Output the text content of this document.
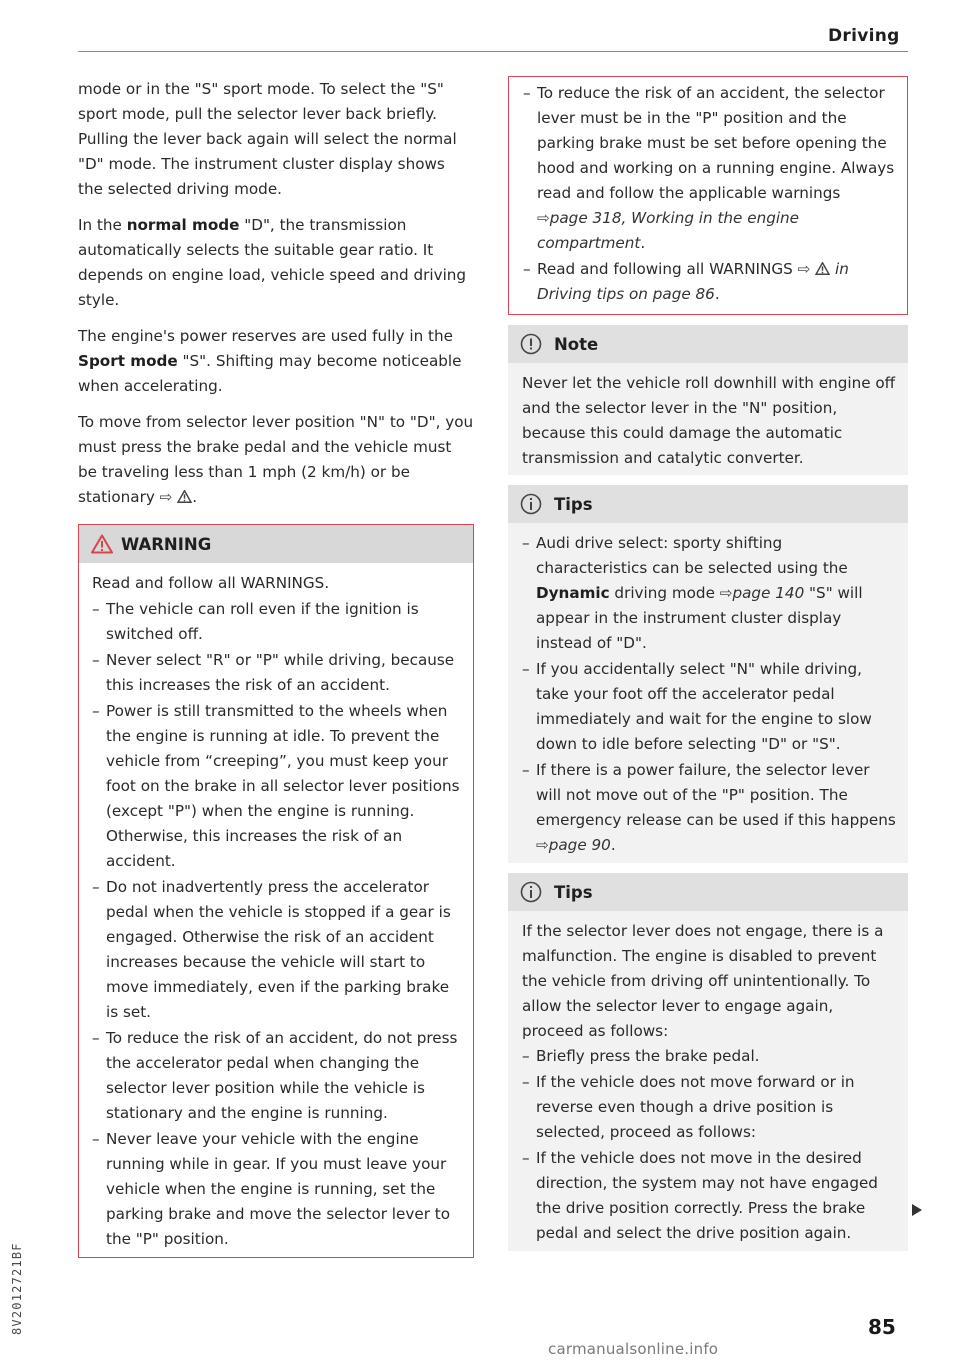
Driving

mode or in the "S" sport mode. To select the "S" sport mode, pull the selector lever back briefly. Pulling the lever back again will select the normal "D" mode. The instrument cluster display shows the selected driving mode.

In the normal mode "D", the transmission automatically selects the suitable gear ratio. It depends on engine load, vehicle speed and driving style.

The engine's power reserves are used fully in the Sport mode "S". Shifting may become noticeable when accelerating.

To move from selector lever position "N" to "D", you must press the brake pedal and the vehicle must be traveling less than 1 mph (2 km/h) or be stationary ⇨ .

WARNING
Read and follow all WARNINGS.
– The vehicle can roll even if the ignition is switched off.
– Never select "R" or "P" while driving, because this increases the risk of an accident.
– Power is still transmitted to the wheels when the engine is running at idle. To prevent the vehicle from “creeping”, you must keep your foot on the brake in all selector lever positions (except "P") when the engine is running. Otherwise, this increases the risk of an accident.
– Do not inadvertently press the accelerator pedal when the vehicle is stopped if a gear is engaged. Otherwise the risk of an accident increases because the vehicle will start to move immediately, even if the parking brake is set.
– To reduce the risk of an accident, do not press the accelerator pedal when changing the selector lever position while the vehicle is stationary and the engine is running.
– Never leave your vehicle with the engine running while in gear. If you must leave your vehicle when the engine is running, set the parking brake and move the selector lever to the "P" position.
– To reduce the risk of an accident, the selector lever must be in the "P" position and the parking brake must be set before opening the hood and working on a running engine. Always read and follow the applicable warnings ⇨page 318, Working in the engine compartment.
– Read and following all WARNINGS ⇨ in Driving tips on page 86.
Note
Never let the vehicle roll downhill with engine off and the selector lever in the "N" position, because this could damage the automatic transmission and catalytic converter.
Tips
– Audi drive select: sporty shifting characteristics can be selected using the Dynamic driving mode ⇨page 140 "S" will appear in the instrument cluster display instead of "D".
– If you accidentally select "N" while driving, take your foot off the accelerator pedal immediately and wait for the engine to slow down to idle before selecting "D" or "S".
– If there is a power failure, the selector lever will not move out of the "P" position. The emergency release can be used if this happens ⇨page 90.
Tips
If the selector lever does not engage, there is a malfunction. The engine is disabled to prevent the vehicle from driving off unintentionally. To allow the selector lever to engage again, proceed as follows:
– Briefly press the brake pedal.
– If the vehicle does not move forward or in reverse even though a drive position is selected, proceed as follows:
– If the vehicle does not move in the desired direction, the system may not have engaged the drive position correctly. Press the brake pedal and select the drive position again.
8V2012721BF	85
carmanualsonline.info
